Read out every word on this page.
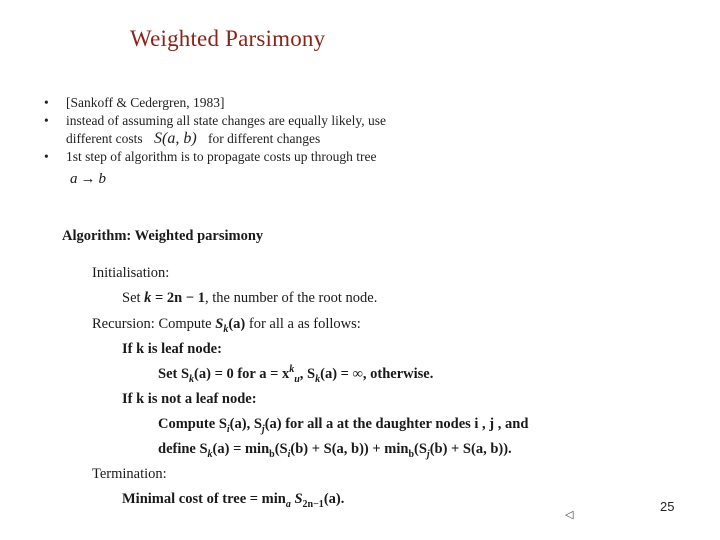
Weighted Parsimony
• [Sankoff & Cedergren, 1983]
• instead of assuming all state changes are equally likely, use
different costs S(a, b) for different changes
• 1st step of algorithm is to propagate costs up through tree
a → b
Algorithm: Weighted parsimony
Initialisation:
Set k = 2n − 1, the number of the root node.
Recursion: Compute $S_k(a)$ for all a as follows:
If k is leaf node:
Set $S_k(a) = 0$ for $a = x^k_u$, $S_k(a)$ = ∞, otherwise.
If k is not a leaf node:
Compute $S_i(a)$, $S_j(a)$ for all a at the daughter nodes i , j , and
define $S_k(a) = \min_b(S_i(b) + S(a$, $b)) + \min_b(S_j(b) + S(a$, b)).
Termination:
Minimal cost of tree = $\min_a S_{2n-1}(a)$.
◁
25
